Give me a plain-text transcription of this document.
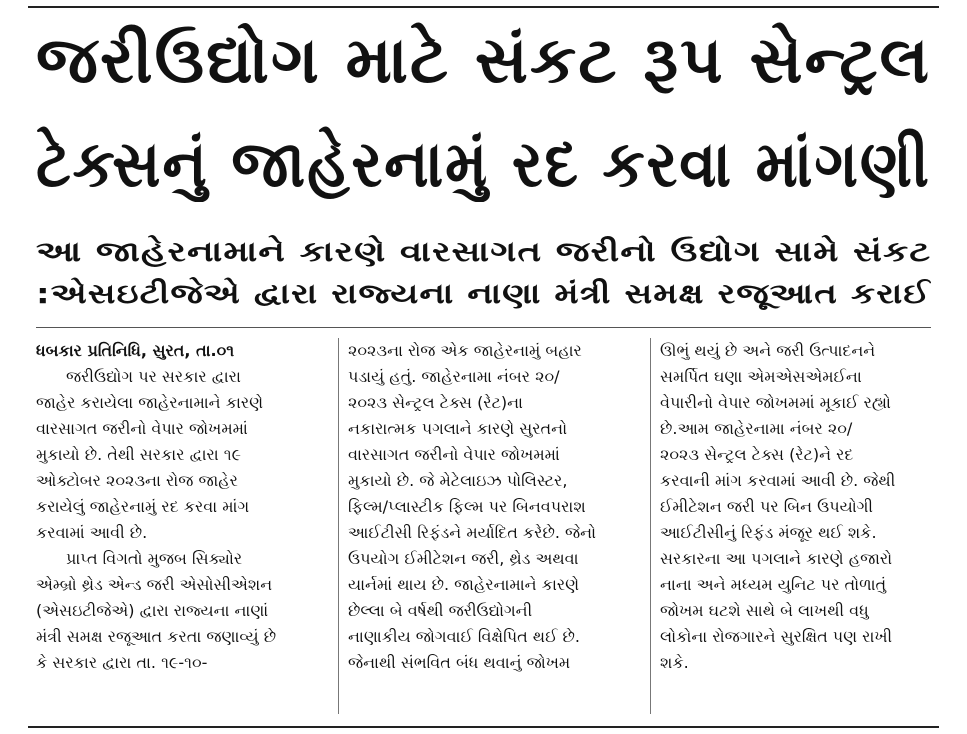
જરીઉદ્યોગ માટે સંકટ રૂપ સેન્ટ્રલ
ટેક્સનું જાહેરનામું રદ કરવા માંગણી
આ જાહેરનામાને કારણે વારસાગત જરીનો ઉદ્યોગ સામે સંકટ
:એસઇટીજેએ દ્વારા રાજ્યના નાણા મંત્રી સમક્ષ રજૂઆત કરાઈ
ધબકાર પ્રતિનિધિ, સુરત, તા.૦૧
જરીઉદ્યોગ પર સરકાર દ્વારા
જાહેર કરાયેલા જાહેરનામાને કારણે
વારસાગત જરીનો વેપાર જોખમમાં
મુકાયો છે. તેથી સરકાર દ્વારા ૧૯
ઓક્ટોબર ૨૦૨૩ના રોજ જાહેર
કરાયેલું જાહેરનામું રદ કરવા માંગ
કરવામાં આવી છે.
પ્રાપ્ત વિગતો મુજબ સિક્યોર
એમ્બ્રો થ્રેડ એન્ડ જરી એસોસીએશન
(એસઇટીજેએ) દ્વારા રાજ્યના નાણાં
મંત્રી સમક્ષ રજૂઆત કરતા જણાવ્યું છે
કે સરકાર દ્વારા તા. ૧૯-૧૦-
૨૦૨૩ના રોજ એક જાહેરનામું બહાર
પડાયું હતું. જાહેરનામા નંબર ૨૦/
૨૦૨૩ સેન્ટ્રલ ટેક્સ (રેટ)ના
નકારાત્મક પગલાને કારણે સુરતનો
વારસાગત જરીનો વેપાર જોખમમાં
મુકાયો છે. જે મેટેલાઇઝ પોલિસ્ટર,
ફિલ્મ/પ્લાસ્ટીક ફિલ્મ પર બિનવપરાશ
આઈટીસી રિફંડને મર્યાદિત કરેછે. જેનો
ઉપયોગ ઈમીટેશન જરી, થ્રેડ અથવા
યાર્નમાં થાય છે. જાહેરનામાને કારણે
છેલ્લા બે વર્ષથી જરીઉદ્યોગની
નાણાકીય જોગવાઈ વિક્ષેપિત થઈ છે.
જેનાથી સંભવિત બંધ થવાનું જોખમ
ઊભું થયું છે અને જરી ઉત્પાદનને
સમર્પિત ઘણા એમએસએમઈના
વેપારીનો વેપાર જોખમમાં મૂકાઈ રહ્યો
છે.આમ જાહેરનામા નંબર ૨૦/
૨૦૨૩ સેન્ટ્રલ ટેક્સ (રેટ)ને રદ
કરવાની માંગ કરવામાં આવી છે. જેથી
ઈમીટેશન જરી પર બિન ઉપયોગી
આઈટીસીનું રિફંડ મંજૂર થઈ શકે.
સરકારના આ પગલાને કારણે હજારો
નાના અને મધ્યમ યુનિટ પર તોળાતું
જોખમ ઘટશે સાથે બે લાખથી વધુ
લોકોના રોજગારને સુરક્ષિત પણ રાખી
શકે.
